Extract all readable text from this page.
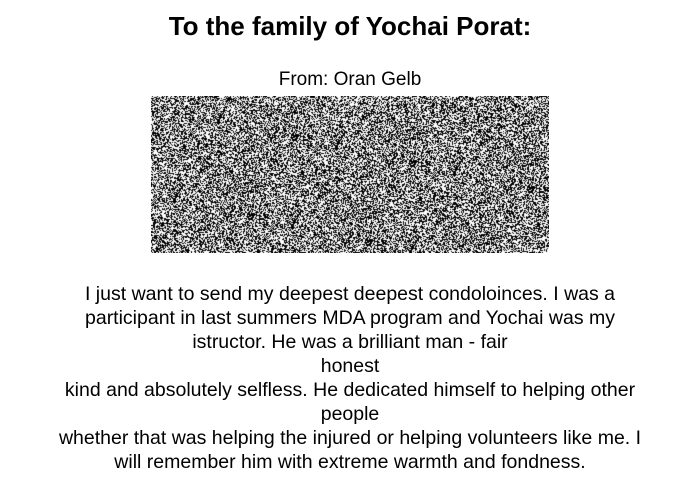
To the family of Yochai Porat:
From: Oran Gelb
I just want to send my deepest deepest condoloinces. I was a
participant in last summers MDA program and Yochai was my
istructor. He was a brilliant man - fair
honest
kind and absolutely selfless. He dedicated himself to helping other
people
whether that was helping the injured or helping volunteers like me. I
will remember him with extreme warmth and fondness.
